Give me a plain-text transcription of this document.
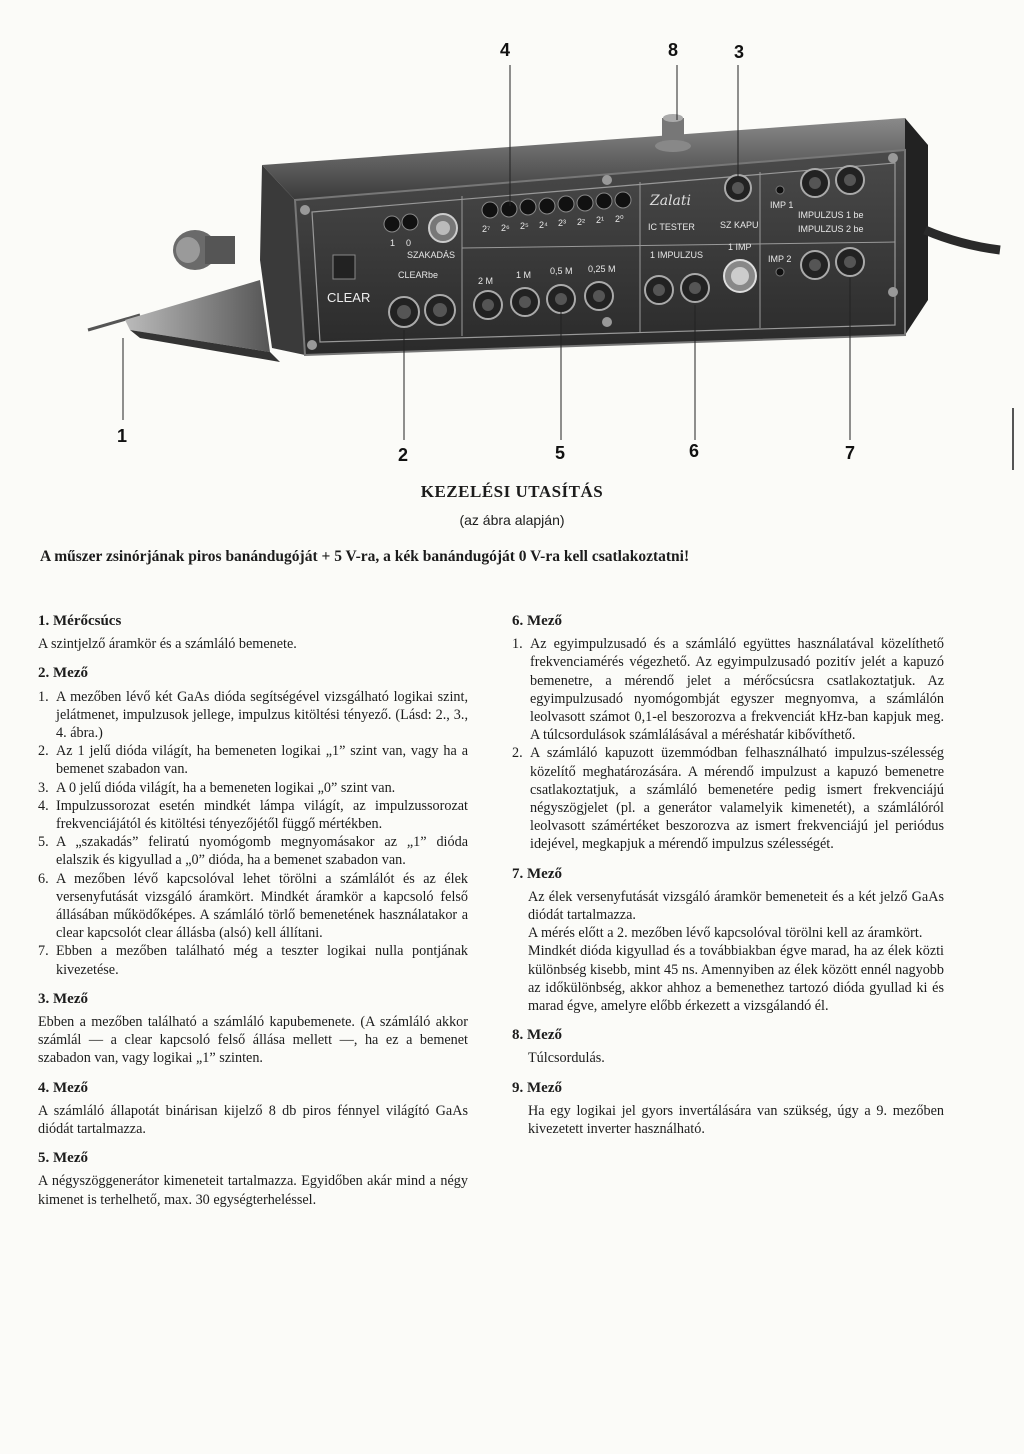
CLEAR
CLEARbe
SZAKADÁS
1 0
2⁷ 2⁶ 2⁵ 2⁴ 2³ 2² 2¹ 2⁰
Zalati
IC TESTER	SZ KAPU
IMP 1
IMP 2
IMPULZUS 1 be
IMPULZUS 2 be
2 M
1 M 0,5 M 0,25 M
1 IMPULZUS
1 IMP
4	8	3
1
2	5	6	7
KEZELÉSI UTASÍTÁS
(az ábra alapján)
A műszer zsinórjának piros banándugóját + 5 V-ra, a kék banándugóját 0 V-ra kell csatlakoztatni!
1. Mérőcsúcs

A szintjelző áramkör és a számláló bemenete.

2. Mező
1. A mezőben lévő két GaAs dióda segítségével vizsgálható logikai szint, jelátmenet, impulzusok jellege, impulzus kitöltési tényező. (Lásd: 2., 3., 4. ábra.)
2. Az 1 jelű dióda világít, ha bemeneten logikai „1” szint van, vagy ha a bemenet szabadon van.
3. A 0 jelű dióda világít, ha a bemeneten logikai „0” szint van.
4. Impulzussorozat esetén mindkét lámpa világít, az impulzussorozat frekvenciájától és kitöltési tényezőjétől függő mértékben.
5. A „szakadás” feliratú nyomógomb megnyomásakor az „1” dióda elalszik és kigyullad a „0” dióda, ha a bemenet szabadon van.
6. A mezőben lévő kapcsolóval lehet törölni a számlálót és az élek versenyfutását vizsgáló áramkört. Mindkét áramkör a kapcsoló felső állásában működőképes. A számláló törlő bemenetének használatakor a clear kapcsolót clear állásba (alsó) kell állítani.
7. Ebben a mezőben található még a teszter logikai nulla pontjának kivezetése.
3. Mező

Ebben a mezőben található a számláló kapubemenete. (A számláló akkor számlál — a clear kapcsoló felső állása mellett —, ha ez a bemenet szabadon van, vagy logikai „1” szinten.

4. Mező

A számláló állapotát binárisan kijelző 8 db piros fénnyel világító GaAs diódát tartalmazza.

5. Mező

A négyszöggenerátor kimeneteit tartalmazza. Egyidőben akár mind a négy kimenet is terhelhető, max. 30 egységterheléssel.

6. Mező
1. Az egyimpulzusadó és a számláló együttes használatával közelíthető frekvenciamérés végezhető. Az egyimpulzusadó pozitív jelét a kapuzó bemenetre, a mérendő jelet a mérőcsúcsra csatlakoztatjuk. Az egyimpulzusadó nyomógombját egyszer megnyomva, a számlálón leolvasott számot 0,1-el beszorozva a frekvenciát kHz-ban kapjuk meg. A túlcsordulások számlálásával a méréshatár kibővíthető.
2. A számláló kapuzott üzemmódban felhasználható impulzus-szélesség közelítő meghatározására. A mérendő impulzust a kapuzó bemenetre csatlakoztatjuk, a számláló bemenetére pedig ismert frekvenciájú négyszögjelet (pl. a generátor valamelyik kimenetét), a számlálóról leolvasott számértéket beszorozva az ismert frekvenciájú jel periódus idejével, megkapjuk a mérendő impulzus szélességét.
7. Mező

Az élek versenyfutását vizsgáló áramkör bemeneteit és a két jelző GaAs diódát tartalmazza.

A mérés előtt a 2. mezőben lévő kapcsolóval törölni kell az áramkört.

Mindkét dióda kigyullad és a továbbiakban égve marad, ha az élek közti különbség kisebb, mint 45 ns. Amennyiben az élek között ennél nagyobb az időkülönbség, akkor ahhoz a bemenethez tartozó dióda gyullad ki és marad égve, amelyre előbb érkezett a vizsgálandó él.

8. Mező

Túlcsordulás.

9. Mező

Ha egy logikai jel gyors invertálására van szükség, úgy a 9. mezőben kivezetett inverter használható.
